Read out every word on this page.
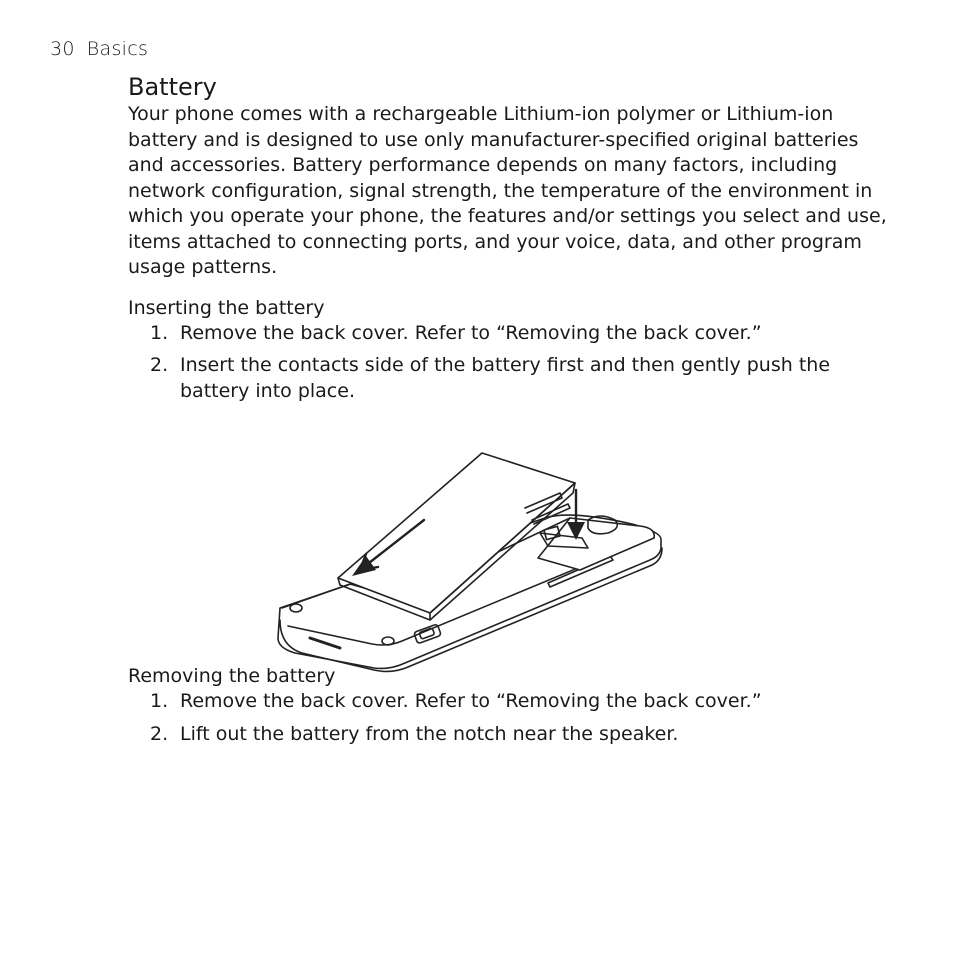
30 Basics
Battery

Your phone comes with a rechargeable Lithium-ion polymer or Lithium-ion battery and is designed to use only manufacturer-specified original batteries and accessories. Battery performance depends on many factors, including network configuration, signal strength, the temperature of the environment in which you operate your phone, the features and/or settings you select and use, items attached to connecting ports, and your voice, data, and other program usage patterns.

Inserting the battery
1. Remove the back cover. Refer to “Removing the back cover.”
2. Insert the contacts side of the battery first and then gently push the battery into place.
Removing the battery
1. Remove the back cover. Refer to “Removing the back cover.”
2. Lift out the battery from the notch near the speaker.
